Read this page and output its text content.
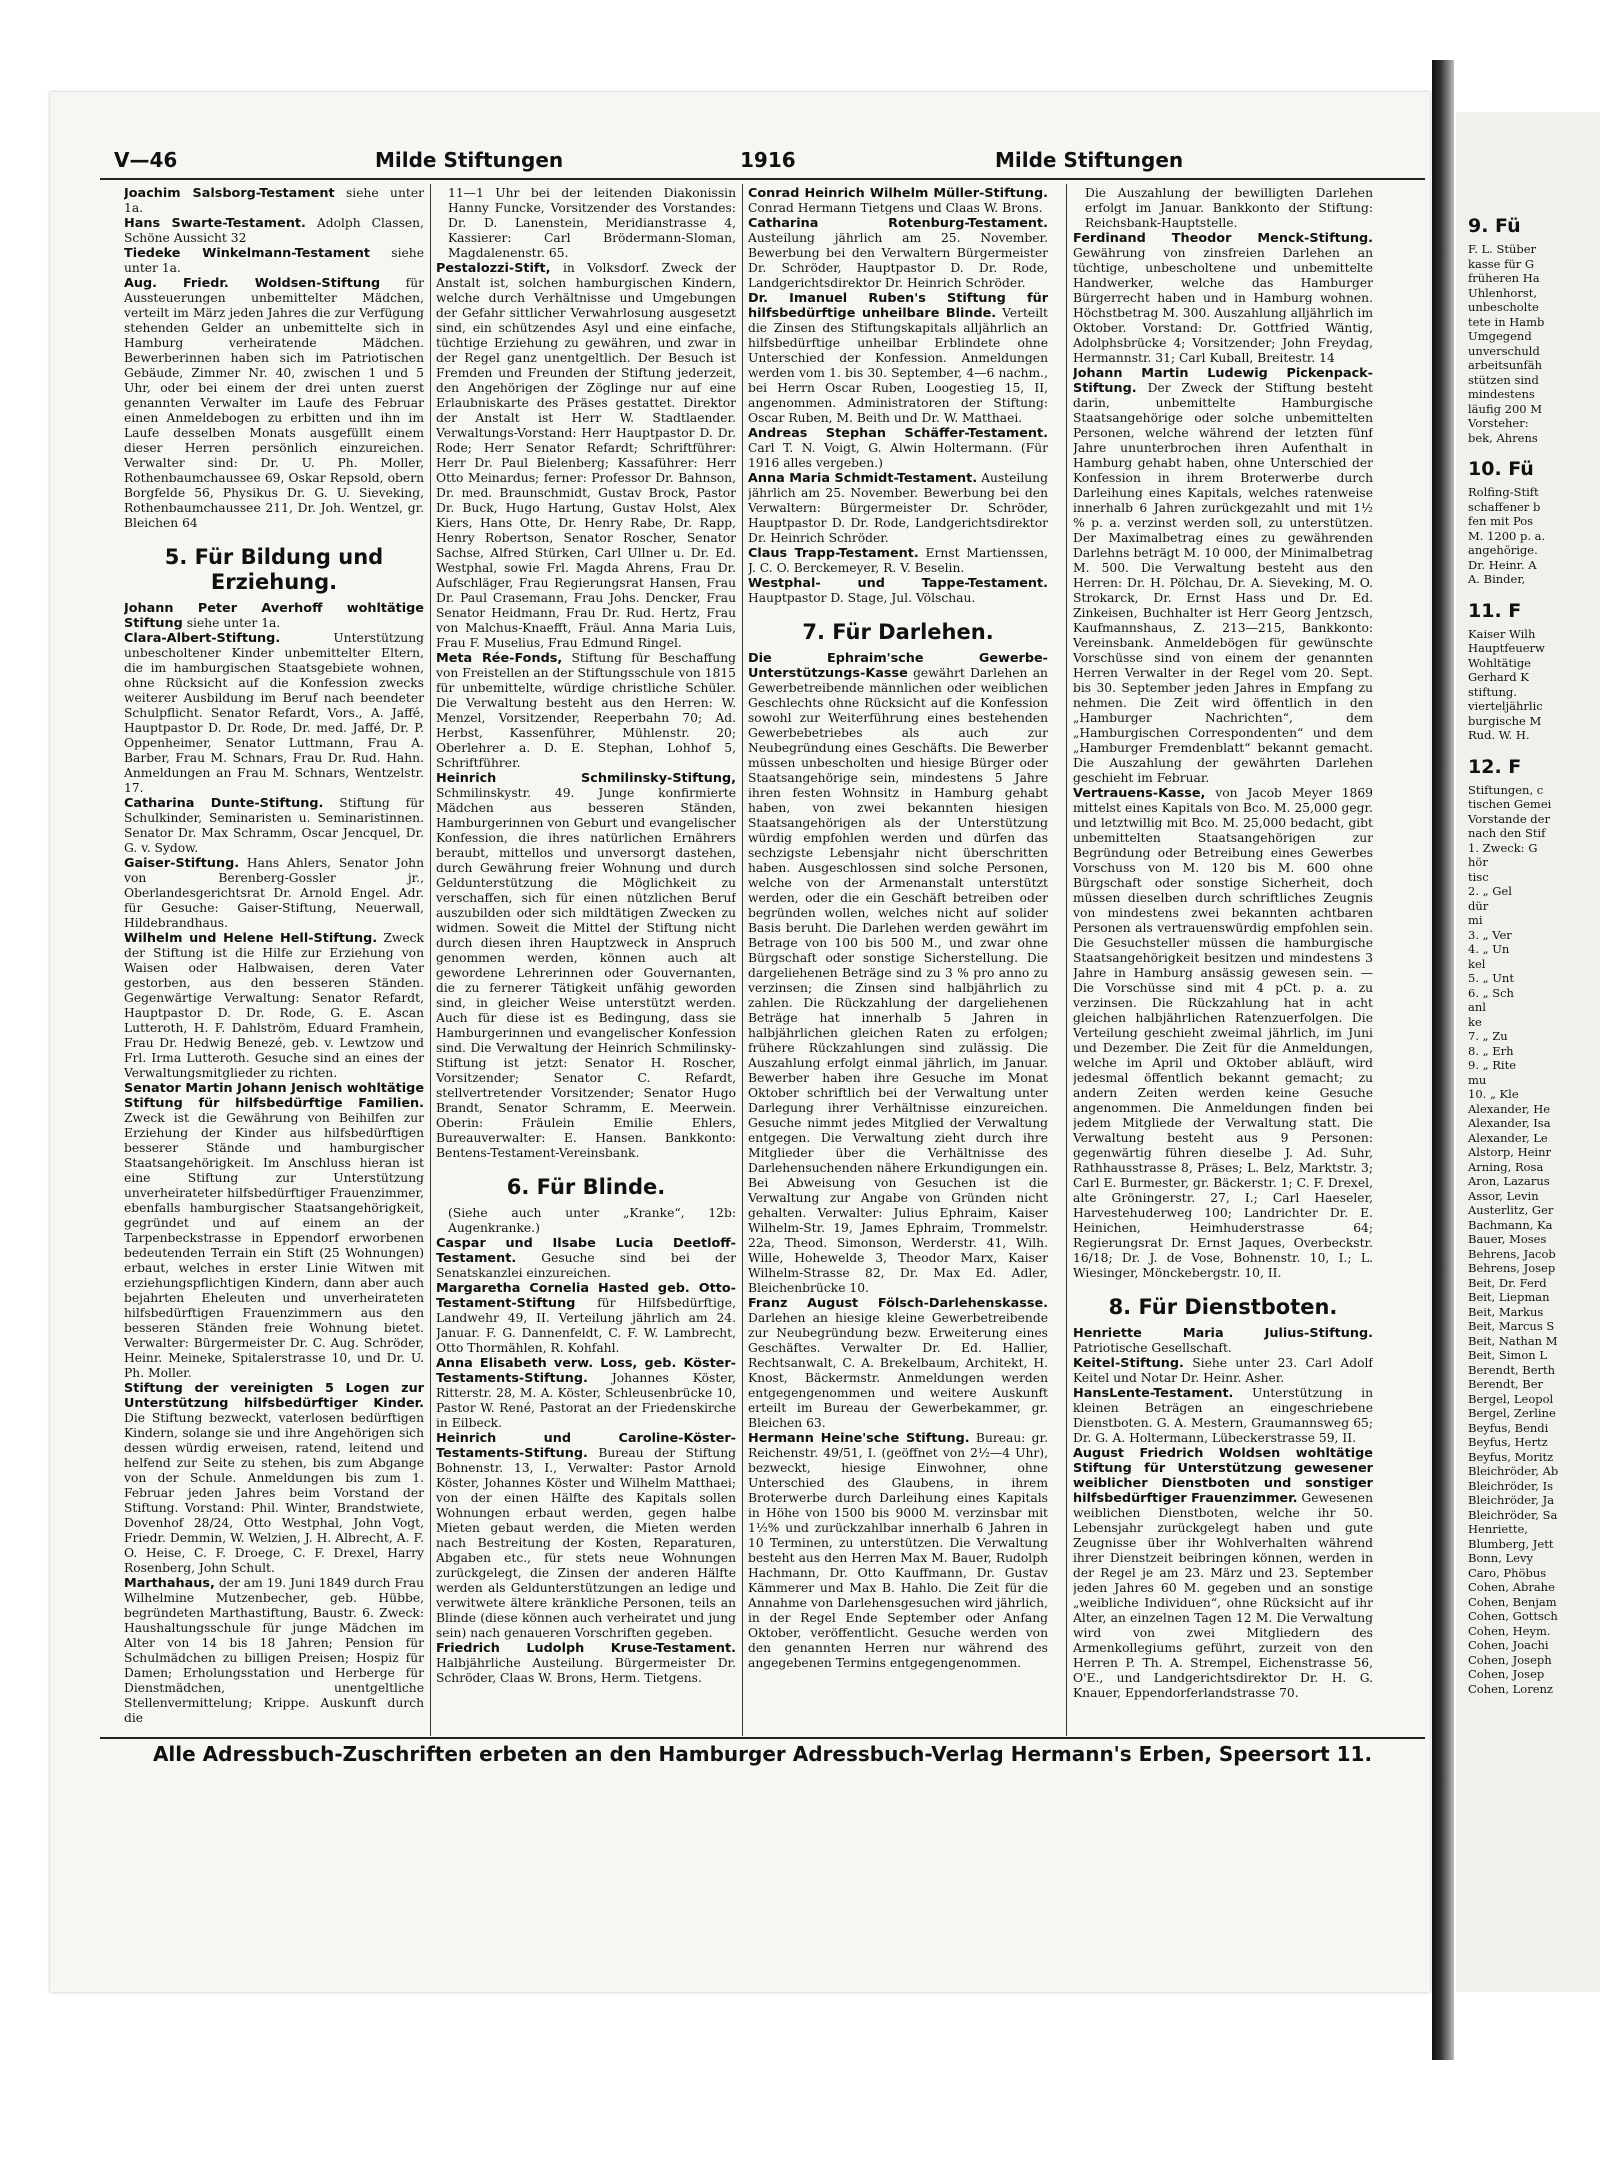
V—46	Milde Stiftungen	1916	Milde Stiftungen

Joachim Salsborg-Testament siehe unter 1a.

Hans Swarte-Testament. Adolph Classen, Schöne Aussicht 32

Tiedeke Winkelmann-Testament siehe unter 1a.

Aug. Friedr. Woldsen-Stiftung für Aussteuerungen unbemittelter Mädchen, verteilt im März jeden Jahres die zur Verfügung stehenden Gelder an unbemittelte sich in Hamburg verheiratende Mädchen. Bewerberinnen haben sich im Patriotischen Gebäude, Zimmer Nr. 40, zwischen 1 und 5 Uhr, oder bei einem der drei unten zuerst genannten Verwalter im Laufe des Februar einen Anmeldebogen zu erbitten und ihn im Laufe desselben Monats ausgefüllt einem dieser Herren persönlich einzureichen. Verwalter sind: Dr. U. Ph. Moller, Rothenbaumchaussee 69, Oskar Repsold, obern Borgfelde 56, Physikus Dr. G. U. Sieveking, Rothenbaumchaussee 211, Dr. Joh. Wentzel, gr. Bleichen 64

5. Für Bildung und Erziehung.

Johann Peter Averhoff wohltätige Stiftung siehe unter 1a.

Clara-Albert-Stiftung.	Unterstützung unbescholtener Kinder unbemittelter Eltern, die im hamburgischen Staatsgebiete wohnen, ohne Rücksicht auf die Konfession zwecks weiterer Ausbildung im Beruf nach beendeter Schulpflicht. Senator Refardt, Vors., A. Jaffé, Hauptpastor D. Dr. Rode, Dr. med. Jaffé, Dr. P. Oppenheimer, Senator Luttmann, Frau A. Barber, Frau M. Schnars, Frau Dr. Rud. Hahn. Anmeldungen an Frau M. Schnars, Wentzelstr. 17.

Catharina Dunte-Stiftung. Stiftung für Schulkinder, Seminaristen u. Seminaristinnen. Senator Dr. Max Schramm, Oscar Jencquel, Dr. G. v. Sydow.

Gaiser-Stiftung. Hans Ahlers, Senator John von Berenberg-Gossler jr., Oberlandesgerichtsrat Dr. Arnold Engel. Adr. für Gesuche: Gaiser-Stiftung, Neuerwall, Hildebrandhaus.

Wilhelm und Helene Hell-Stiftung. Zweck der Stiftung ist die Hilfe zur Erziehung von Waisen oder Halbwaisen, deren Vater gestorben, aus den besseren Ständen. Gegenwärtige Verwaltung: Senator Refardt, Hauptpastor D. Dr. Rode, G. E. Ascan Lutteroth, H. F. Dahlström, Eduard Framhein, Frau Dr. Hedwig Benezé, geb. v. Lewtzow und Frl. Irma Lutteroth. Gesuche sind an eines der Verwaltungsmitglieder zu richten.

Senator Martin Johann Jenisch wohltätige Stiftung für hilfsbedürftige Familien. Zweck ist die Gewährung von Beihilfen zur Erziehung der Kinder aus hilfsbedürftigen besserer Stände und hamburgischer Staatsangehörigkeit. Im Anschluss hieran ist eine Stiftung zur Unterstützung unverheirateter hilfsbedürftiger Frauenzimmer, ebenfalls hamburgischer Staatsangehörigkeit, gegründet und auf einem an der Tarpenbeckstrasse in Eppendorf erworbenen bedeutenden Terrain ein Stift (25 Wohnungen) erbaut, welches in erster Linie Witwen mit erziehungspflichtigen Kindern, dann aber auch bejahrten Eheleuten und unverheirateten hilfsbedürftigen Frauenzimmern aus den besseren Ständen freie Wohnung bietet. Verwalter: Bürgermeister Dr. C. Aug. Schröder, Heinr. Meineke, Spitalerstrasse 10, und Dr. U. Ph. Moller.

Stiftung der vereinigten 5 Logen zur Unterstützung hilfsbedürftiger Kinder. Die Stiftung bezweckt, vaterlosen bedürftigen Kindern, solange sie und ihre Angehörigen sich dessen würdig erweisen, ratend, leitend und helfend zur Seite zu stehen, bis zum Abgange von der Schule. Anmeldungen bis zum 1. Februar jeden Jahres beim Vorstand der Stiftung. Vorstand: Phil. Winter, Brandstwiete, Dovenhof 28/24, Otto Westphal, John Vogt, Friedr. Demmin, W. Welzien, J. H. Albrecht, A. F. O. Heise, C. F. Droege, C. F. Drexel, Harry Rosenberg, John Schult.

Marthahaus, der am 19. Juni 1849 durch Frau Wilhelmine Mutzenbecher, geb. Hübbe, begründeten Marthastiftung, Baustr. 6. Zweck: Haushaltungsschule für junge Mädchen im Alter von 14 bis 18 Jahren; Pension für Schulmädchen zu billigen Preisen; Hospiz für Damen; Erholungsstation und Herberge für Dienstmädchen, unentgeltliche Stellenvermittelung; Krippe. Auskunft durch die

11—1 Uhr bei der leitenden Diakonissin Hanny Funcke, Vorsitzender des Vorstandes: Dr. D. Lanenstein, Meridianstrasse 4, Kassierer: Carl Brödermann-Sloman, Magdalenenstr. 65.

Pestalozzi-Stift, in Volksdorf. Zweck der Anstalt ist, solchen hamburgischen Kindern, welche durch Verhältnisse und Umgebungen der Gefahr sittlicher Verwahrlosung ausgesetzt sind, ein schützendes Asyl und eine einfache, tüchtige Erziehung zu gewähren, und zwar in der Regel ganz unentgeltlich. Der Besuch ist Fremden und Freunden der Stiftung jederzeit, den Angehörigen der Zöglinge nur auf eine Erlaubniskarte des Präses gestattet. Direktor der Anstalt ist Herr W. Stadtlaender. Verwaltungs-Vorstand: Herr Hauptpastor D. Dr. Rode; Herr Senator Refardt; Schriftführer: Herr Dr. Paul Bielenberg; Kassaführer: Herr Otto Meinardus; ferner: Professor Dr. Bahnson, Dr. med. Braunschmidt, Gustav Brock, Pastor Dr. Buck, Hugo Hartung, Gustav Holst, Alex Kiers, Hans Otte, Dr. Henry Rabe, Dr. Rapp, Henry Robertson, Senator Roscher, Senator Sachse, Alfred Stürken, Carl Ullner u. Dr. Ed. Westphal, sowie Frl. Magda Ahrens, Frau Dr. Aufschläger, Frau Regierungsrat Hansen, Frau Dr. Paul Crasemann, Frau Johs. Dencker, Frau Senator Heidmann, Frau Dr. Rud. Hertz, Frau von Malchus-Knaefft, Fräul. Anna Maria Luis, Frau F. Muselius, Frau Edmund Ringel.

Meta Rée-Fonds, Stiftung für Beschaffung von Freistellen an der Stiftungsschule von 1815 für unbemittelte, würdige christliche Schüler. Die Verwaltung besteht aus den Herren: W. Menzel, Vorsitzender, Reeperbahn 70; Ad. Herbst, Kassenführer, Mühlenstr. 20; Oberlehrer a. D. E. Stephan, Lohhof 5, Schriftführer.

Heinrich Schmilinsky-Stiftung, Schmilinskystr. 49. Junge konfirmierte Mädchen aus besseren Ständen, Hamburgerinnen von Geburt und evangelischer Konfession, die ihres natürlichen Ernährers beraubt, mittellos und unversorgt dastehen, durch Gewährung freier Wohnung und durch Geldunterstützung die Möglichkeit zu verschaffen, sich für einen nützlichen Beruf auszubilden oder sich mildtätigen Zwecken zu widmen. Soweit die Mittel der Stiftung nicht durch diesen ihren Hauptzweck in Anspruch genommen werden, können auch alt gewordene Lehrerinnen oder Gouvernanten, die zu fernerer Tätigkeit unfähig geworden sind, in gleicher Weise unterstützt werden. Auch für diese ist es Bedingung, dass sie Hamburgerinnen und evangelischer Konfession sind. Die Verwaltung der Heinrich Schmilinsky-Stiftung ist jetzt: Senator H. Roscher, Vorsitzender; Senator C. Refardt, stellvertretender Vorsitzender; Senator Hugo Brandt, Senator Schramm, E. Meerwein. Oberin: Fräulein Emilie Ehlers, Bureauverwalter: E. Hansen. Bankkonto: Bentens-Testament-Vereinsbank.

6. Für Blinde.

(Siehe auch unter „Kranke“, 12b: Augenkranke.)

Caspar und Ilsabe Lucia Deetloff-Testament. Gesuche sind bei der Senatskanzlei einzureichen.

Margaretha Cornelia Hasted geb. Otto-Testament-Stiftung für Hilfsbedürftige, Landwehr 49, II. Verteilung jährlich am 24. Januar. F. G. Dannenfeldt, C. F. W. Lambrecht, Otto Thormählen, R. Kohfahl.

Anna Elisabeth verw. Loss, geb. Köster-Testaments-Stiftung. Johannes Köster, Ritterstr. 28, M. A. Köster, Schleusenbrücke 10, Pastor W. René, Pastorat an der Friedenskirche in Eilbeck.

Heinrich und Caroline-Köster-Testaments-Stiftung. Bureau der Stiftung Bohnenstr. 13, I., Verwalter: Pastor Arnold Köster, Johannes Köster und Wilhelm Matthaei; von der einen Hälfte des Kapitals sollen Wohnungen erbaut werden, gegen halbe Mieten gebaut werden, die Mieten werden nach Bestreitung der Kosten, Reparaturen, Abgaben etc., für stets neue Wohnungen zurückgelegt, die Zinsen der anderen Hälfte werden als Geldunterstützungen an ledige und verwitwete ältere kränkliche Personen, teils an Blinde (diese können auch verheiratet und jung sein) nach genaueren Vorschriften gegeben.

Friedrich Ludolph Kruse-Testament. Halbjährliche Austeilung. Bürgermeister Dr. Schröder, Claas W. Brons, Herm. Tietgens.

Conrad Heinrich Wilhelm Müller-Stiftung. Conrad Hermann Tietgens und Claas W. Brons.

Catharina Rotenburg-Testament. Austeilung jährlich am 25. November. Bewerbung bei den Verwaltern Bürgermeister Dr. Schröder, Hauptpastor D. Dr. Rode, Landgerichtsdirektor Dr. Heinrich Schröder.

Dr. Imanuel Ruben's Stiftung für hilfsbedürftige unheilbare Blinde. Verteilt die Zinsen des Stiftungskapitals alljährlich an hilfsbedürftige unheilbar Erblindete ohne Unterschied der Konfession. Anmeldungen werden vom 1. bis 30. September, 4—6 nachm., bei Herrn Oscar Ruben, Loogestieg 15, II, angenommen. Administratoren der Stiftung: Oscar Ruben, M. Beith und Dr. W. Matthaei.

Andreas Stephan Schäffer-Testament. Carl T. N. Voigt, G. Alwin Holtermann. (Für 1916 alles vergeben.)

Anna Maria Schmidt-Testament. Austeilung jährlich am 25. November. Bewerbung bei den Verwaltern: Bürgermeister Dr. Schröder, Hauptpastor D. Dr. Rode, Landgerichtsdirektor Dr. Heinrich Schröder.

Claus Trapp-Testament. Ernst Martienssen, J. C. O. Berckemeyer, R. V. Beselin.

Westphal- und Tappe-Testament. Hauptpastor D. Stage, Jul. Völschau.

7. Für Darlehen.

Die Ephraim'sche Gewerbe-Unterstützungs-Kasse gewährt Darlehen an Gewerbetreibende männlichen oder weiblichen Geschlechts ohne Rücksicht auf die Konfession sowohl zur Weiterführung eines bestehenden Gewerbebetriebes als auch zur Neubegründung eines Geschäfts. Die Bewerber müssen unbescholten und hiesige Bürger oder Staatsangehörige sein, mindestens 5 Jahre ihren festen Wohnsitz in Hamburg gehabt haben, von zwei bekannten hiesigen Staatsangehörigen als der Unterstützung würdig empfohlen werden und dürfen das sechzigste Lebensjahr nicht überschritten haben. Ausgeschlossen sind solche Personen, welche von der Armenanstalt unterstützt werden, oder die ein Geschäft betreiben oder begründen wollen, welches nicht auf solider Basis beruht. Die Darlehen werden gewährt im Betrage von 100 bis 500 M., und zwar ohne Bürgschaft oder sonstige Sicherstellung. Die dargeliehenen Beträge sind zu 3 % pro anno zu verzinsen; die Zinsen sind halbjährlich zu zahlen. Die Rückzahlung der dargeliehenen Beträge hat innerhalb 5 Jahren in halbjährlichen gleichen Raten zu erfolgen; frühere Rückzahlungen sind zulässig. Die Auszahlung erfolgt einmal jährlich, im Januar. Bewerber haben ihre Gesuche im Monat Oktober schriftlich bei der Verwaltung unter Darlegung ihrer Verhältnisse einzureichen. Gesuche nimmt jedes Mitglied der Verwaltung entgegen. Die Verwaltung zieht durch ihre Mitglieder über die Verhältnisse des Darlehensuchenden nähere Erkundigungen ein. Bei Abweisung von Gesuchen ist die Verwaltung zur Angabe von Gründen nicht gehalten. Verwalter: Julius Ephraim, Kaiser Wilhelm-Str. 19, James Ephraim, Trommelstr. 22a, Theod. Simonson, Werderstr. 41, Wilh. Wille, Hohewelde 3, Theodor Marx, Kaiser Wilhelm-Strasse 82, Dr. Max Ed. Adler, Bleichenbrücke 10.

Franz August Fölsch-Darlehenskasse. Darlehen an hiesige kleine Gewerbetreibende zur Neubegründung bezw. Erweiterung eines Geschäftes. Verwalter Dr. Ed. Hallier, Rechtsanwalt, C. A. Brekelbaum, Architekt, H. Knost, Bäckermstr. Anmeldungen werden entgegengenommen und weitere Auskunft erteilt im Bureau der Gewerbekammer, gr. Bleichen 63.

Hermann Heine'sche Stiftung. Bureau: gr. Reichenstr. 49/51, I. (geöffnet von 2½—4 Uhr), bezweckt, hiesige Einwohner, ohne Unterschied des Glaubens, in ihrem Broterwerbe durch Darleihung eines Kapitals in Höhe von 1500 bis 9000 M. verzinsbar mit 1½% und zurückzahlbar innerhalb 6 Jahren in 10 Terminen, zu unterstützen. Die Verwaltung besteht aus den Herren Max M. Bauer, Rudolph Hachmann, Dr. Otto Kauffmann, Dr. Gustav Kämmerer und Max B. Hahlo. Die Zeit für die Annahme von Darlehensgesuchen wird jährlich, in der Regel Ende September oder Anfang Oktober, veröffentlicht. Gesuche werden von den genannten Herren nur während des angegebenen Termins entgegengenommen.

Die Auszahlung der bewilligten Darlehen erfolgt im Januar. Bankkonto der Stiftung: Reichsbank-Hauptstelle.

Ferdinand Theodor Menck-Stiftung. Gewährung von zinsfreien Darlehen an tüchtige, unbescholtene und unbemittelte Handwerker, welche das Hamburger Bürgerrecht haben und in Hamburg wohnen. Höchstbetrag M. 300. Auszahlung alljährlich im Oktober. Vorstand: Dr. Gottfried Wäntig, Adolphsbrücke 4; Vorsitzender; John Freydag, Hermannstr. 31; Carl Kuball, Breitestr. 14

Johann Martin Ludewig Pickenpack-Stiftung. Der Zweck der Stiftung besteht darin, unbemittelte Hamburgische Staatsangehörige oder solche unbemittelten Personen, welche während der letzten fünf Jahre ununterbrochen ihren Aufenthalt in Hamburg gehabt haben, ohne Unterschied der Konfession in ihrem Broterwerbe durch Darleihung eines Kapitals, welches ratenweise innerhalb 6 Jahren zurückgezahlt und mit 1½ % p. a. verzinst werden soll, zu unterstützen. Der Maximalbetrag eines zu gewährenden Darlehns beträgt M. 10 000, der Minimalbetrag M. 500. Die Verwaltung besteht aus den Herren: Dr. H. Pölchau, Dr. A. Sieveking, M. O. Strokarck, Dr. Ernst Hass und Dr. Ed. Zinkeisen, Buchhalter ist Herr Georg Jentzsch, Kaufmannshaus, Z. 213—215, Bankkonto: Vereinsbank. Anmeldebögen für gewünschte Vorschüsse sind von einem der genannten Herren Verwalter in der Regel vom 20. Sept. bis 30. September jeden Jahres in Empfang zu nehmen. Die Zeit wird öffentlich in den „Hamburger Nachrichten“, dem „Hamburgischen Correspondenten“ und dem „Hamburger Fremdenblatt“ bekannt gemacht. Die Auszahlung der gewährten Darlehen geschieht im Februar.

Vertrauens-Kasse, von Jacob Meyer 1869 mittelst eines Kapitals von Bco. M. 25,000 gegr. und letztwillig mit Bco. M. 25,000 bedacht, gibt unbemittelten Staatsangehörigen zur Begründung oder Betreibung eines Gewerbes Vorschuss von M. 120 bis M. 600 ohne Bürgschaft oder sonstige Sicherheit, doch müssen dieselben durch schriftliches Zeugnis von mindestens zwei bekannten achtbaren Personen als vertrauenswürdig empfohlen sein. Die Gesuchsteller müssen die hamburgische Staatsangehörigkeit besitzen und mindestens 3 Jahre in Hamburg ansässig gewesen sein. — Die Vorschüsse sind mit 4 pCt. p. a. zu verzinsen. Die Rückzahlung hat in acht gleichen halbjährlichen Ratenzuerfolgen. Die Verteilung geschieht zweimal jährlich, im Juni und Dezember. Die Zeit für die Anmeldungen, welche im April und Oktober abläuft, wird jedesmal öffentlich bekannt gemacht; zu andern Zeiten werden keine Gesuche angenommen. Die Anmeldungen finden bei jedem Mitgliede der Verwaltung statt. Die Verwaltung besteht aus 9 Personen: gegenwärtig führen dieselbe J. Ad. Suhr, Rathhausstrasse 8, Präses; L. Belz, Marktstr. 3; Carl E. Burmester, gr. Bäckerstr. 1; C. F. Drexel, alte Gröningerstr. 27, I.; Carl Haeseler, Harvestehuderweg 100; Landrichter Dr. E. Heinichen, Heimhuderstrasse 64; Regierungsrat Dr. Ernst Jaques, Overbeckstr. 16/18; Dr. J. de Vose, Bohnenstr. 10, I.; L. Wiesinger, Mönckebergstr. 10, II.

8. Für Dienstboten.

Henriette Maria Julius-Stiftung. Patriotische Gesellschaft.

Keitel-Stiftung. Siehe unter 23. Carl Adolf Keitel und Notar Dr. Heinr. Asher.

HansLente-Testament. Unterstützung in kleinen Beträgen an eingeschriebene Dienstboten. G. A. Mestern, Graumannsweg 65; Dr. G. A. Holtermann, Lübeckerstrasse 59, II.

August Friedrich Woldsen wohltätige Stiftung für Unterstützung gewesener weiblicher Dienstboten und sonstiger hilfsbedürftiger Frauenzimmer. Gewesenen weiblichen Dienstboten, welche ihr 50. Lebensjahr zurückgelegt haben und gute Zeugnisse über ihr Wohlverhalten während ihrer Dienstzeit beibringen können, werden in der Regel je am 23. März und 23. September jeden Jahres 60 M. gegeben und an sonstige „weibliche Individuen“, ohne Rücksicht auf ihr Alter, an einzelnen Tagen 12 M. Die Verwaltung wird von zwei Mitgliedern des Armenkollegiums geführt, zurzeit von den Herren P. Th. A. Strempel, Eichenstrasse 56, O'E., und Landgerichtsdirektor Dr. H. G. Knauer, Eppendorferlandstrasse 70.

Alle Adressbuch-Zuschriften erbeten an den Hamburger Adressbuch-Verlag Hermann's Erben, Speersort 11.
9. Fü
F. L. Stüber
kasse für G
früheren Ha
Uhlenhorst,
unbescholte
tete in Hamb
Umgegend
unverschuld
arbeitsunfäh
stützen sind
mindestens
läufig 200 M
Vorsteher:
bek, Ahrens
10. Fü
Rolfing-Stift
schaffener b
fen mit Pos
M. 1200 p. a.
angehörige.
Dr. Heinr. A
A. Binder,
11. F
Kaiser Wilh
Hauptfeuerw
Wohltätige
Gerhard K
stiftung.
vierteljährlic
burgische M
Rud. W. H.
12. F
Stiftungen, c
tischen Gemei
Vorstande der
nach den Stif
1. Zweck: G
hör
tisc
2. „ Gel
dür
mi
3. „ Ver
4. „ Un
kel
5. „ Unt
6. „ Sch
anl
ke
7. „ Zu
8. „ Erh
9. „ Rite
mu
10. „ Kle
Alexander, He
Alexander, Isa
Alexander, Le
Alstorp, Heinr
Arning, Rosa
Aron, Lazarus
Assor, Levin
Austerlitz, Ger
Bachmann, Ka
Bauer, Moses
Behrens, Jacob
Behrens, Josep
Beit, Dr. Ferd
Beit, Liepman
Beit, Markus
Beit, Marcus S
Beit, Nathan M
Beit, Simon L
Berendt, Berth
Berendt, Ber
Bergel, Leopol
Bergel, Zerline
Beyfus, Bendi
Beyfus, Hertz
Beyfus, Moritz
Bleichröder, Ab
Bleichröder, Is
Bleichröder, Ja
Bleichröder, Sa
Henriette,
Blumberg, Jett
Bonn, Levy
Caro, Phöbus
Cohen, Abrahe
Cohen, Benjam
Cohen, Gottsch
Cohen, Heym.
Cohen, Joachi
Cohen, Joseph
Cohen, Josep
Cohen, Lorenz
